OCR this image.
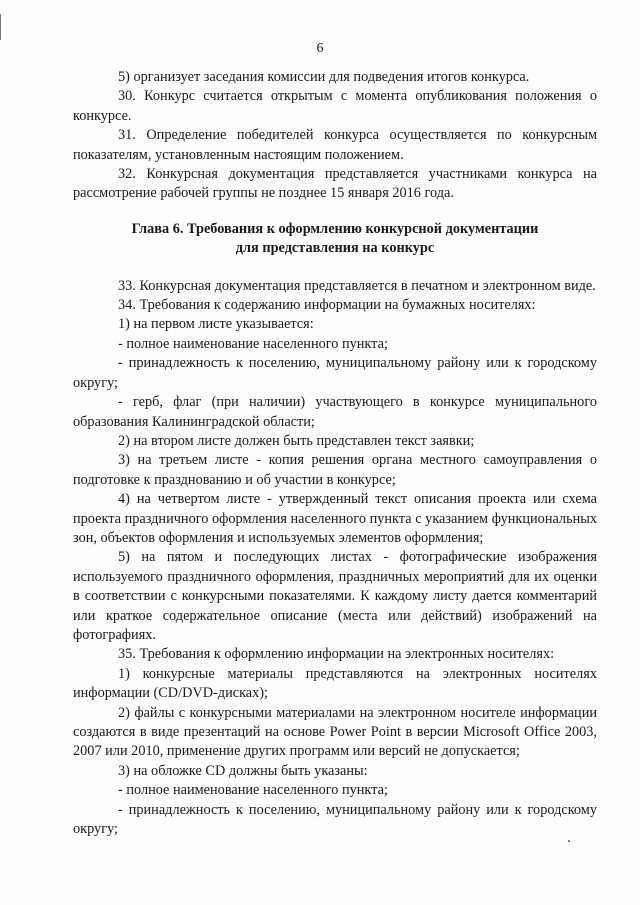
6

5) организует заседания комиссии для подведения итогов конкурса.

30. Конкурс считается открытым с момента опубликования положения о конкурсе.

31. Определение победителей конкурса осуществляется по конкурсным показателям, установленным настоящим положением.

32. Конкурсная документация представляется участниками конкурса на рассмотрение рабочей группы не позднее 15 января 2016 года.

Глава 6. Требования к оформлению конкурсной документации
для представления на конкурс

33. Конкурсная документация представляется в печатном и электронном виде.

34. Требования к содержанию информации на бумажных носителях:

1) на первом листе указывается:

- полное наименование населенного пункта;

- принадлежность к поселению, муниципальному району или к городскому округу;

- герб, флаг (при наличии) участвующего в конкурсе муниципального образования Калининградской области;

2) на втором листе должен быть представлен текст заявки;

3) на третьем листе - копия решения органа местного самоуправления о подготовке к празднованию и об участии в конкурсе;

4) на четвертом листе - утвержденный текст описания проекта или схема проекта праздничного оформления населенного пункта с указанием функциональных зон, объектов оформления и используемых элементов оформления;

5) на пятом и последующих листах - фотографические изображения используемого праздничного оформления, праздничных мероприятий для их оценки в соответствии с конкурсными показателями. К каждому листу дается комментарий или краткое содержательное описание (места или действий) изображений на фотографиях.

35. Требования к оформлению информации на электронных носителях:

1) конкурсные материалы представляются на электронных носителях информации (CD/DVD-дисках);

2) файлы с конкурсными материалами на электронном носителе информации создаются в виде презентаций на основе Power Point в версии Microsoft Office 2003, 2007 или 2010, применение других программ или версий не допускается;

3) на обложке CD должны быть указаны:

- полное наименование населенного пункта;

- принадлежность к поселению, муниципальному району или к городскому округу;
